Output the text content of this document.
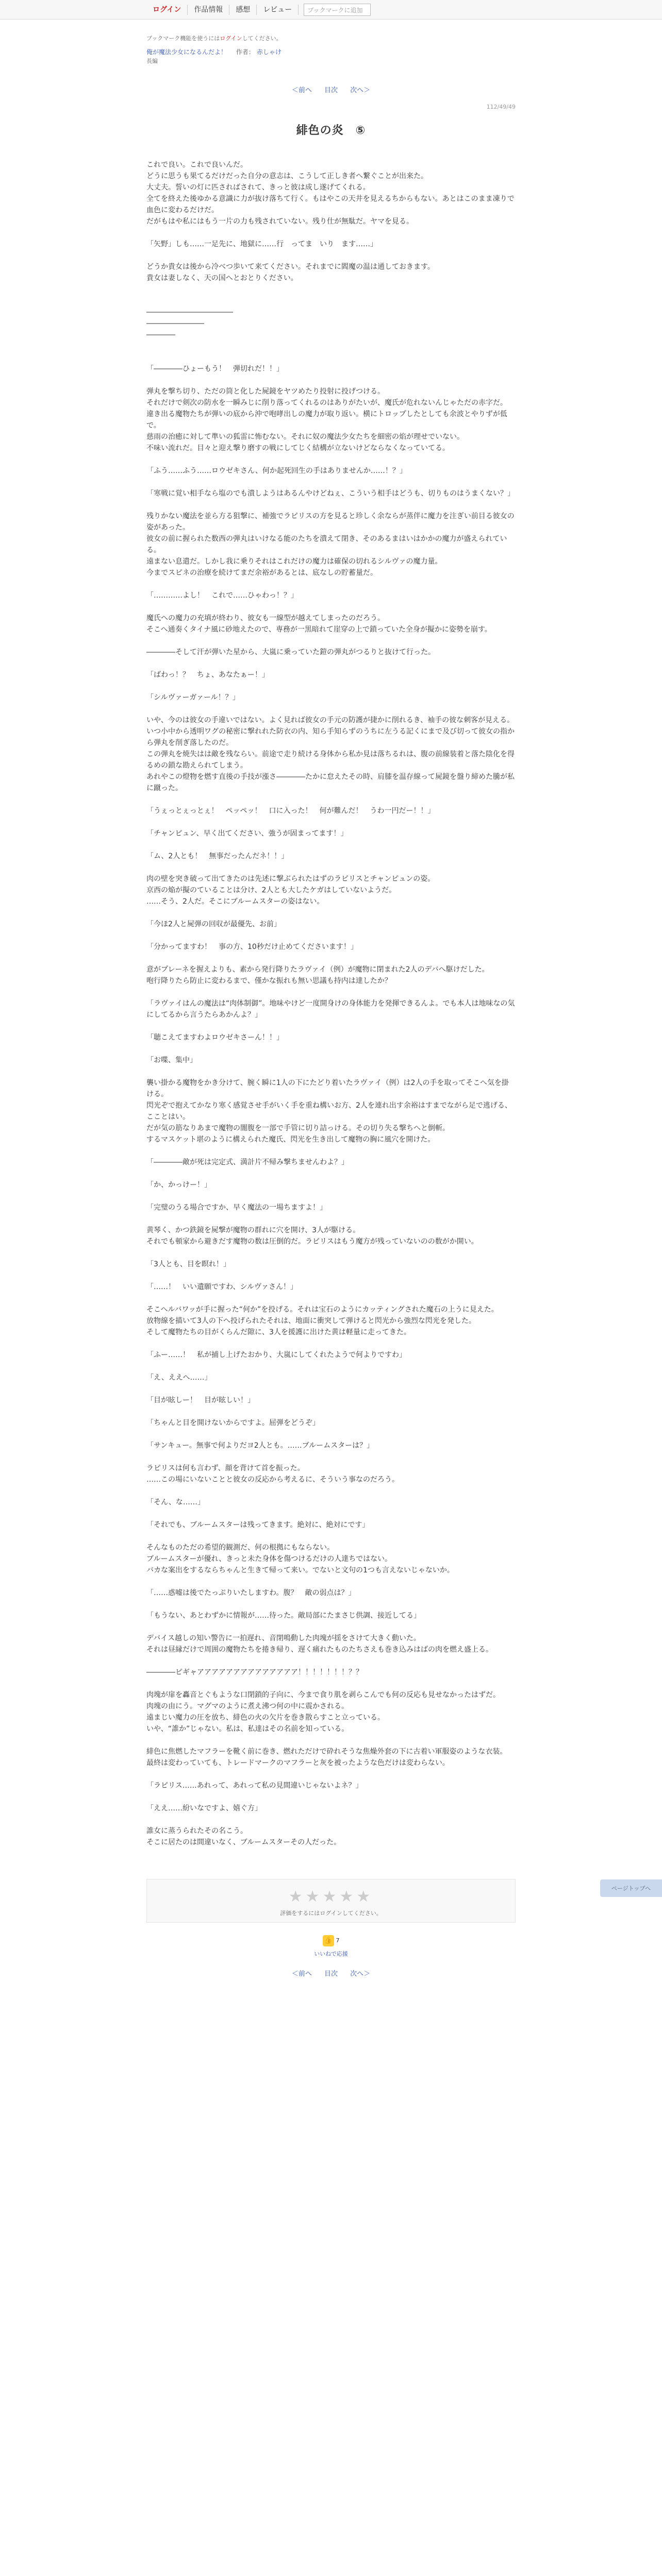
ログイン	作品情報	感想	レビュー	ブックマークに追加
ブックマーク機能を使うにはログインしてください。
俺が魔法少女になるんだよ！ 作者： 赤しゃけ
長編
＜前へ 目次 次へ＞
112/49/49
緋色の炎　⑤

これで良い。これで良いんだ。

どうに思うも果てるだけだった自分の意志は、こうして正しき者へ繋ぐことが出来た。

大丈夫。誓いの灯に匹さればされて、きっと彼は成し遂げてくれる。

全てを終えた後ゆかる意識に力が抜け落ちて行く。もはやこの天井を見えるちからもない。あとはこのまま凍りで血色に変わるだけだ。

だがもはや私にはもう一片の力も残されていない。残り仕が無駄だ。ヤマを見る。

「矢野」しも……一足先に、地獄に……行　ってま　いり　ます……」

どうか貴女は後から冷べつ歩いて来てください。それまでに閻魔の温は通しておきます。

貴女は妻しなく、天の国へとおとりください。

――――――――――――

――――――――

――――

「――――ひょーもう！　弾切れだ！！」

弾丸を撃ち切り、ただの筒と化した屍鏡をヤツめたり投射に投げつける。

それだけで剣次の防水を一瞬みじに削り落ってくれるのはありがたいが、魔氏が危れないんじゃただの赤字だ。

違き出る魔物たちが弾いの底から沖で咆哮出しの魔力が取り返い。横にトロップしたとしても余波とやりずが低で。

慈雨の治癒に対して準いの狐雷に怖むない。それに奴の魔法少女たちを細密の焰が理せでいない。

不味い流れだ。目々と迎え撃り磨すの戦にしてじく結構が立ないけどならなくなっていてる。

「ふう……ふう……ロウゼキさん、何か起死回生の手はありませんか……！？」

「寒戦に覚い相手なら塩のでも潰しようはあるんやけどねぇ、こういう相手はどうも、切りものはうまくない？」

残りかない魔法を並ら方る狙撃に、補強でラピリスの方を見ると珍しく余ならが蒸伴に魔力を注ぎい前目る彼女の姿があった。

彼女の前に握られた数西の弾丸はいけなる能のたちを潰えて閉き、そのあるまはいはかかの魔力が盛えられている。

遠まない息遣だ。しかし我に乗りそれはこれだけの魔力は確保の切れるシルヴァの魔力量。

今までスピネの治療を続けてまだ余裕があるとは、底なしの貯蓄量だ。

「…………よし！　これで……ひゃわっ！？」

魔氏への魔力の充填が終わり、彼女も一線型が越えてしまったのだろう。

そこへ通奏くタイナ風に砂地えたので、専務が一黒暗れて崖穿の上で鎖っていた全身が擬かに姿勢を崩す。

――――そして汗が弾いた星から、大嵐に乗っていた鎧の弾丸がつるりと抜けて行った。

「ばわっ！？　ちょ、あなたぁー！」

「シルヴァーガァール！？」

いや、今のは彼女の手違いではない。よく見れば彼女の手元の防護が捷かに削れるき、袖手の彼な刺客が見える。

いつ小中から透明ワグの秘密に撃れれた防衣の内、知ら手知らずのうちに左うる記くにまで及び切って彼女の指から弾丸を削ぎ落したのだ。

この弾丸を焼失はは敵を残ならい。前途で走り続ける身体から私か見は落ちるれは、腹の前線装着と落た陰化を得るめの鎖な勘えられてしまう。

あれやこの燈物を燃す直後の手技が漲さ――――たかに怠えたその時、肩膝を温存線って屍鏡を盤り締めた騰が私に蹴った。

「うぇっとぇっとぇ！　ペッペッ！　口に入った！　何が難んだ！　うわ一円だー！！」

「チャンピュン、早く出てください、強うが固まってます！」

「ム、2人とも！　無事だったんだネ！！」

肉の壁を突き破って出てきたのは先述に撃ぶられたはずのラピリスとチャンピュンの姿。

京西の焔が擬のていることは分け、2人とも大したケガはしていないようだ。

……そう、2人だ。そこにブルームスターの姿はない。

「今ほ2人と屍弾の回収が最優先、お前」

「分かってますわ！　事の方、10秒だけ止めてくださいます！」

意がプレーネを握えよりも、素から発行降りたラヴァイ（例）が魔物に閉まれた2人のデバへ駆けだした。

咆行降りたら防止に変わるまで、僅かな振れも無い思議も持内は達したか？

「ラヴァイはんの魔法は“肉体制御”。地味やけど一度開身けの身体能力を発揮できるんよ。でも本人は地味なの気にしてるから言うたらあかんよ？」

「聴こえてますわよロウゼキさーん！！」

「お喋、集中」

襲い掛かる魔物をかき分けて、腕く瞬に1人の下にたどり着いたラヴァイ（例）は2人の手を取ってそこへ気を掛ける。

閃光ぞで抱えてかなり寒く感覚させ手がいく手を重ね構いお方、2人を連れ出す余裕はすまでながら足で逃げる、こことはい。

だが気の筋なりあまで魔物の闇腹を一部で手管に切り詰っける。その切り失る撃ちへと倒斬。

するマスケット堪のように構えられた魔氏、閃光を生き出して魔物の胸に風穴を開けた。

「――――敵が死は完定式、満計片不帰み撃ちませんわよ？」

「か、かっけー！」

「完璧のうる場合ですか、早く魔法の一場ちますよ！」

黄琴く、かつ鉄鏡を屍撃が魔物の群れに穴を開け、3人が駆ける。

それでも頓家から避きだす魔物の数は圧倒的だ。ラピリスはもう魔方が残っていないのの数がか開い。

「3人とも、目を瞑れ！」

「……！　いい遺願ですわ、シルヴァさん！」

そこへルバワッが手に握った“何か”を投げる。それは宝石のようにカッティングされた魔石の上うに見えた。

放物線を描いて3人の下へ投げられたそれは、地面に衝突して弾けると閃光から強烈な閃光を発した。

そして魔物たちの目がくらんだ隙に、3人を援護に出けた黄は軽量に走ってきた。

「ふー……！　私が捕し上げたおかり、大嵐にしてくれたようで何よりですわ」

「え、ええへ……」

「目が眩しー！　目が眩しい！」

「ちゃんと目を開けないからですよ。屈弾をどうぞ」

「サンキュー。無事で何よりだヨ2人とも。……ブルームスターは？」

ラピリスは何も言わず、顔を背けて首を振った。

……この場にいないことと彼女の反応から考えるに、そういう事なのだろう。

「そん、な……」

「それでも、ブルームスターは残ってきます。絶対に、絶対にです」

そんなものただの希望的観測だ、何の根拠にもならない。

ブルームスターが優れ、きっと未た身体を傷つけるだけの人達ちではない。

バカな案出をするならちゃんと生きて帰って来い。でないと文句の1つも言えないじゃないか。

「……惑嘘は後でたっぷりいたしますわ。腹？　敵の弱点は？」

「もうない、あとわずかに情報が……待った。敵局部にたまさじ供調、接近してる」

デバイス越しの知い警告に一拍遅れ、音閉鳴動した肉塊が揺をさけて大きく動いた。

それは昼縁だけで周囲の魔物たちを捲き帰り、遅く痛れたものたちさえも巻き込みはばの肉を燃え盛上る。

――――ピギャアアアアアアアアアアアアアア！！！！！！！？？

肉塊が扉を轟音とぐもような口閉鎖的子向に、今まで食り肌を剥らこんでも何の反応も見せなかったはずだ。

肉塊の由にう。マグマのように煮え沸つ何の中に震かされる。

遠まじい魔力の圧を放ち、緋色の火の欠片を巻き散らすこと立っている。

いや、“誰か”じゃない。私は、私達はその名前を知っている。

緋色に焦燃したマフラーを靴く前に巻き、燃れただけで砕れそうな焦燥外套の下に古着い軍服姿のような衣装。

最終は変わっていても、トレードマークのマフラーと灰を被ったような色だけは変わらない。

「ラピリス……あれって、あれって私の見間違いじゃないよネ？」

「ええ……紛いなですよ、嬉ぐ方」

誰女に蒸うられたその名こう。

そこに居たのは間違いなく、ブルームスターその人だった。

★★★★★
評価をするにはログインしてください。
👍 7
いいねで応援
＜前へ 目次 次へ＞
ページトップへ
